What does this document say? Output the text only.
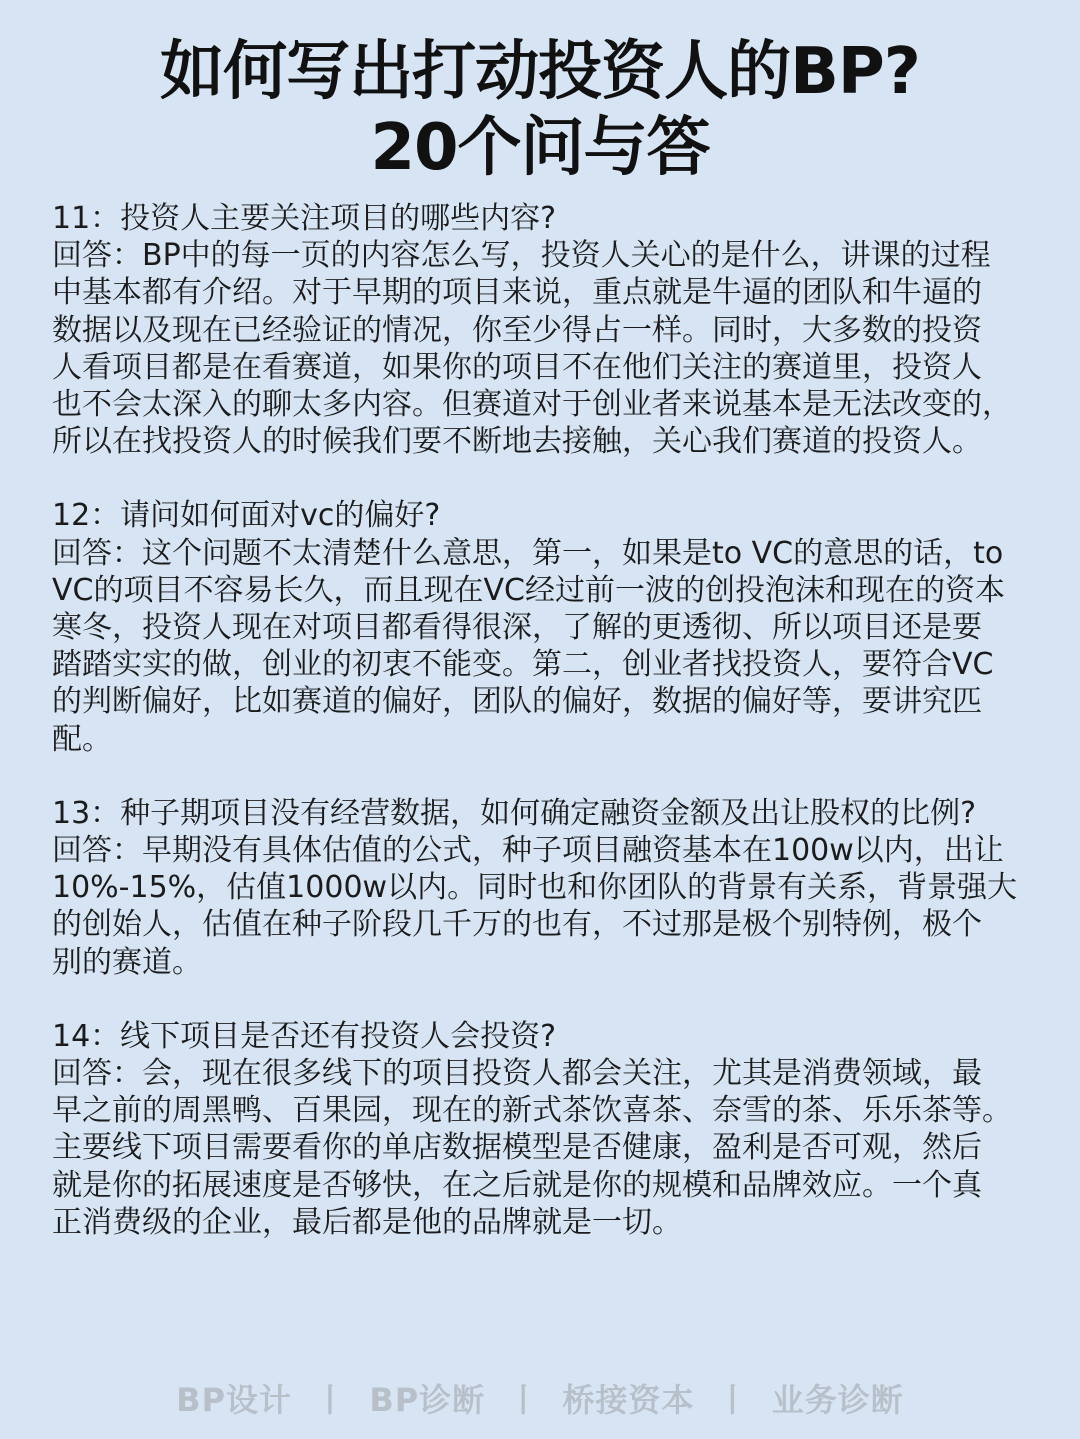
如何写出打动投资人的BP?
20个问与答

11：投资人主要关注项目的哪些内容?

回答：BP中的每一页的内容怎么写，投资人关心的是什么，讲课的过程
中基本都有介绍。对于早期的项目来说，重点就是牛逼的团队和牛逼的
数据以及现在已经验证的情况，你至少得占一样。同时，大多数的投资
人看项目都是在看赛道，如果你的项目不在他们关注的赛道里，投资人
也不会太深入的聊太多内容。但赛道对于创业者来说基本是无法改变的，
所以在找投资人的时候我们要不断地去接触，关心我们赛道的投资人。

12：请问如何面对vc的偏好?

回答：这个问题不太清楚什么意思，第一，如果是to VC的意思的话，to
VC的项目不容易长久，而且现在VC经过前一波的创投泡沫和现在的资本
寒冬，投资人现在对项目都看得很深，了解的更透彻、所以项目还是要
踏踏实实的做，创业的初衷不能变。第二，创业者找投资人，要符合VC
的判断偏好，比如赛道的偏好，团队的偏好，数据的偏好等，要讲究匹
配。

13：种子期项目没有经营数据，如何确定融资金额及出让股权的比例?

回答：早期没有具体估值的公式，种子项目融资基本在100w以内，出让
10%-15%，估值1000w以内。同时也和你团队的背景有关系，背景强大
的创始人，估值在种子阶段几千万的也有，不过那是极个别特例，极个
别的赛道。

14：线下项目是否还有投资人会投资?

回答：会，现在很多线下的项目投资人都会关注，尤其是消费领域，最
早之前的周黑鸭、百果园，现在的新式茶饮喜茶、奈雪的茶、乐乐茶等。
主要线下项目需要看你的单店数据模型是否健康，盈利是否可观，然后
就是你的拓展速度是否够快，在之后就是你的规模和品牌效应。一个真
正消费级的企业，最后都是他的品牌就是一切。

BP设计 丨 BP诊断 丨 桥接资本 丨 业务诊断
